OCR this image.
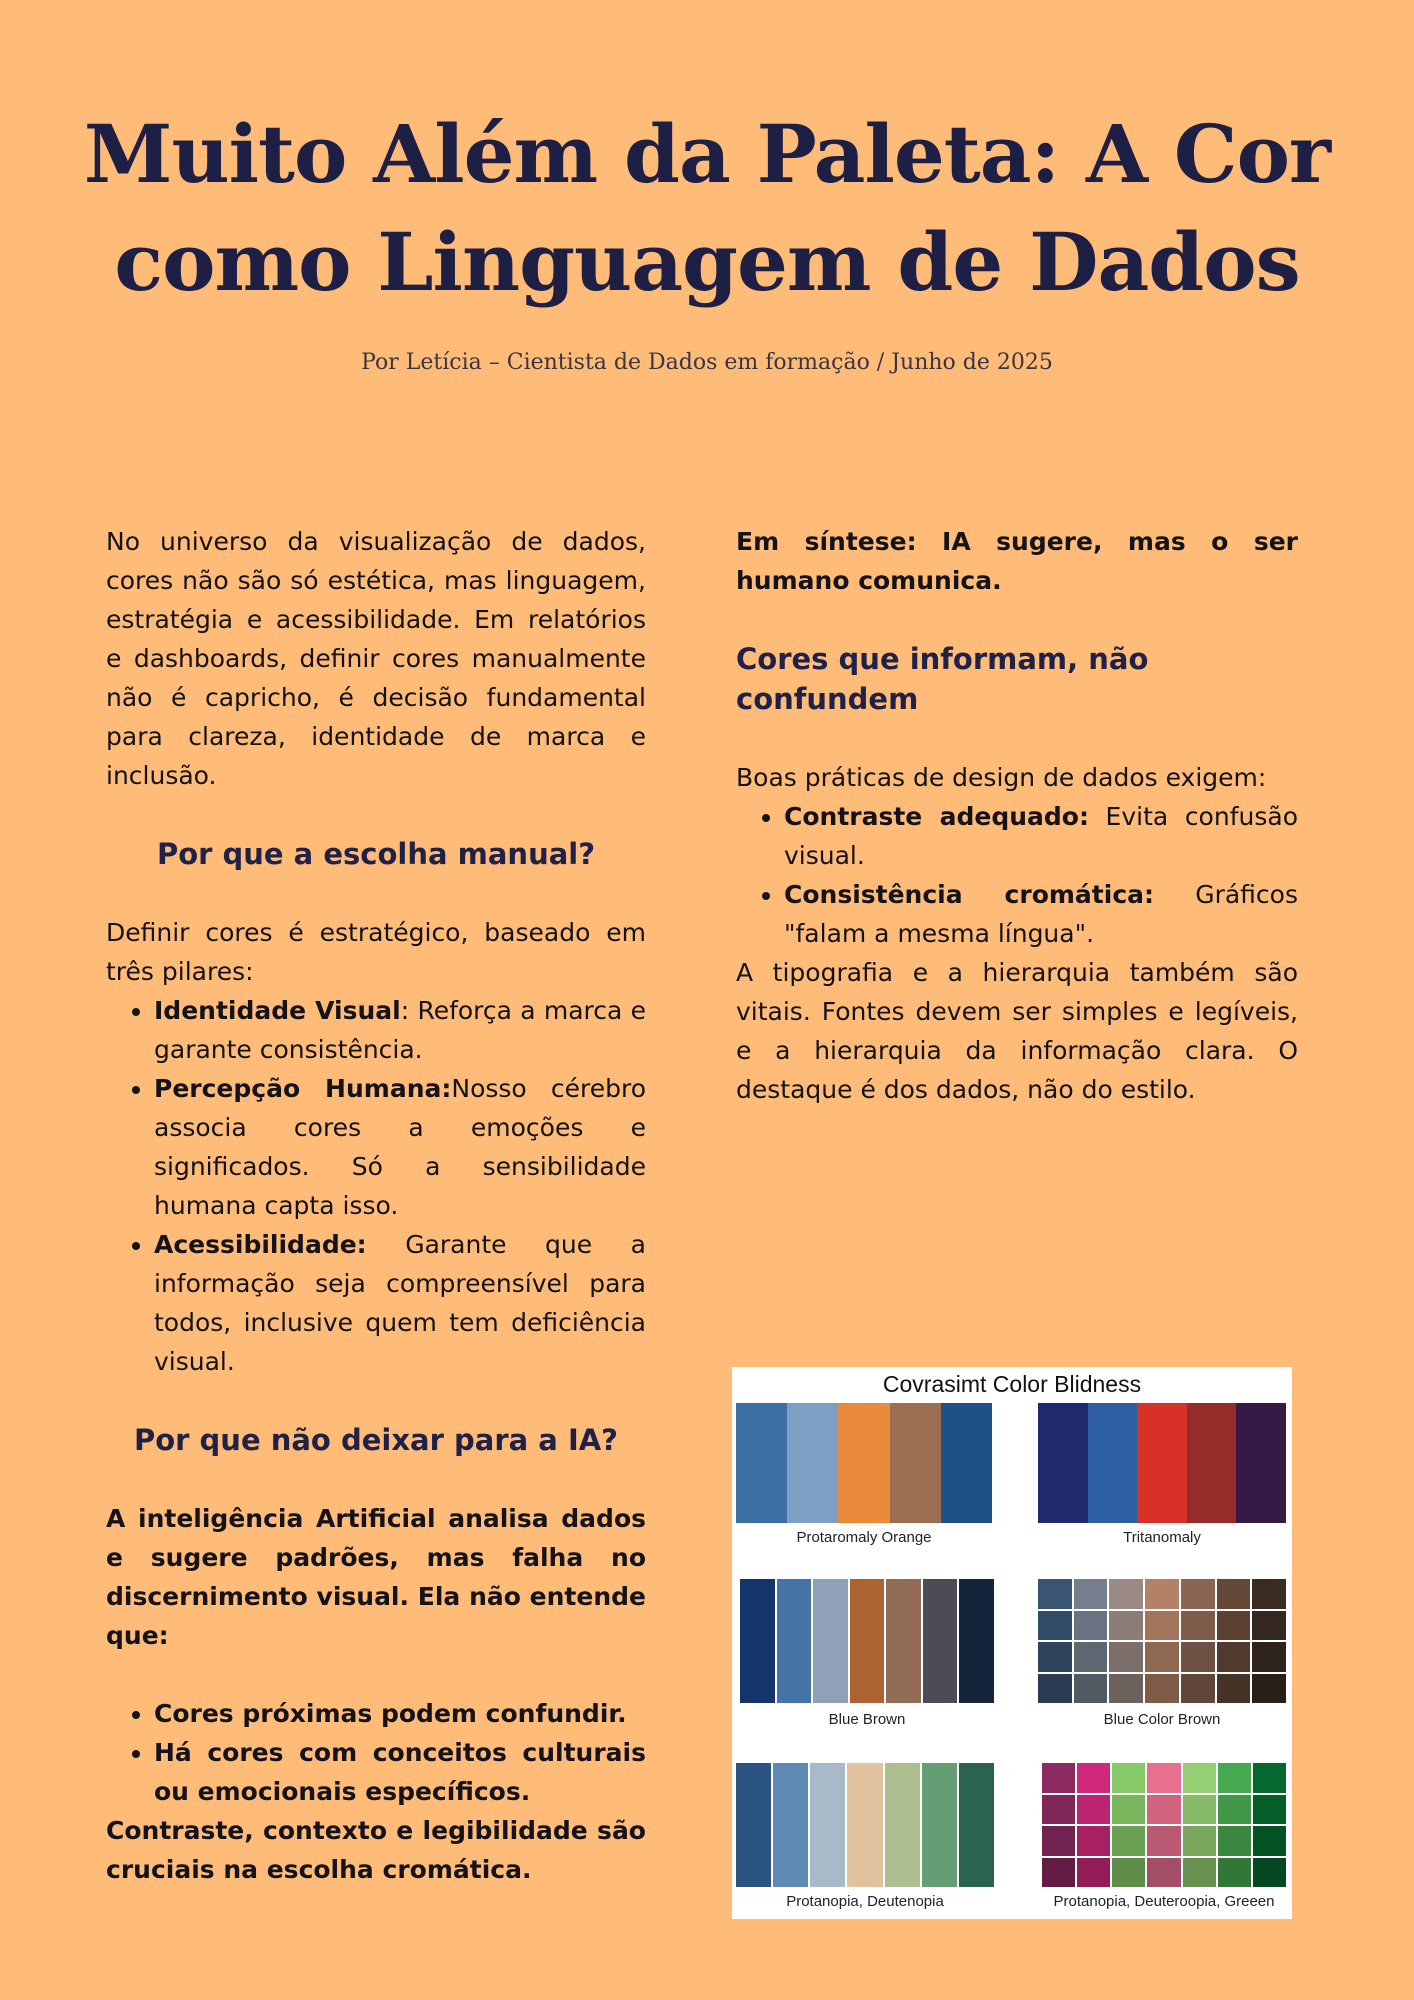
Muito Além da Paleta: A Cor como Linguagem de Dados
Por Letícia – Cientista de Dados em formação / Junho de 2025

No universo da visualização de dados, cores não são só estética, mas linguagem, estratégia e acessibilidade. Em relatórios e dashboards, definir cores manualmente não é capricho, é decisão fundamental para clareza, identidade de marca e inclusão.

Por que a escolha manual?

Definir cores é estratégico, baseado em três pilares:

• Identidade Visual: Reforça a marca e garante consistência.
• Percepção Humana:Nosso cérebro associa cores a emoções e significados. Só a sensibilidade humana capta isso.
• Acessibilidade: Garante que a informação seja compreensível para todos, inclusive quem tem deficiência visual.
Por que não deixar para a IA?

A inteligência Artificial analisa dados e sugere padrões, mas falha no discernimento visual. Ela não entende que:

• Cores próximas podem confundir.
• Há cores com conceitos culturais ou emocionais específicos.

Contraste, contexto e legibilidade são cruciais na escolha cromática.

Em síntese: IA sugere, mas o ser humano comunica.

Cores que informam, não confundem

Boas práticas de design de dados exigem:

• Contraste adequado: Evita confusão visual.
• Consistência cromática: Gráficos "falam a mesma língua".

A tipografia e a hierarquia também são vitais. Fontes devem ser simples e legíveis, e a hierarquia da informação clara. O destaque é dos dados, não do estilo.

Covrasimt Color Blidness
Protaromaly Orange	Tritanomaly
Blue Brown	Blue Color Brown
Protanopia, Deutenopia	Protanopia, Deuteroopia, Greeen
